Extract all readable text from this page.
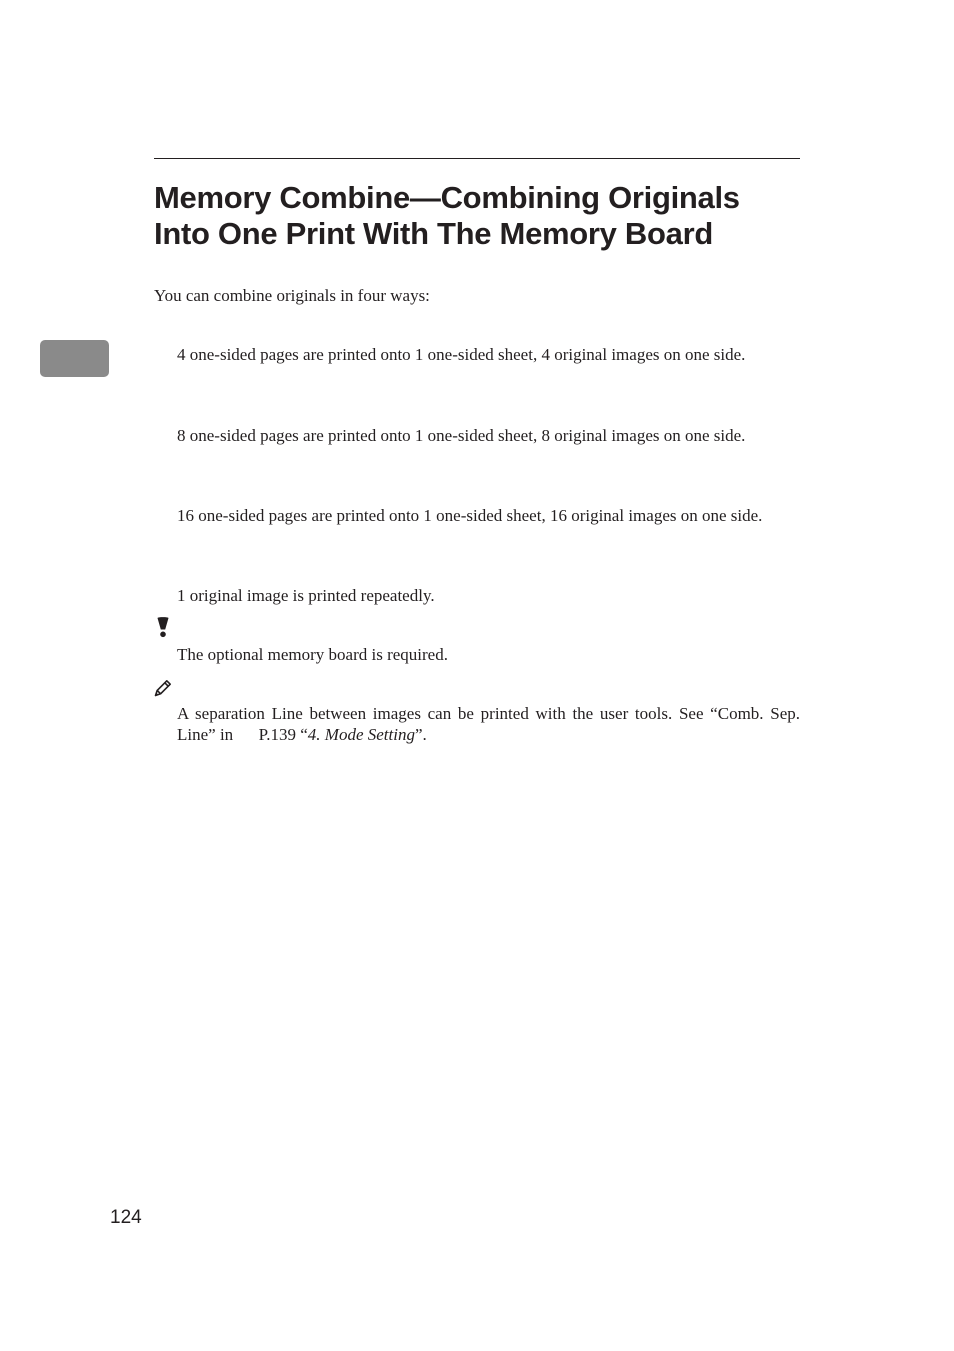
Memory Combine—Combining Originals
Into One Print With The Memory Board

You can combine originals in four ways:

4 one-sided pages are printed onto 1 one-sided sheet, 4 original images on one side.

8 one-sided pages are printed onto 1 one-sided sheet, 8 original images on one side.

16 one-sided pages are printed onto 1 one-sided sheet, 16 original images on one side.

1 original image is printed repeatedly.

The optional memory board is required.

A separation Line between images can be printed with the user tools. See “Comb. Sep. Line” in P.139 “4. Mode Setting”.

124
